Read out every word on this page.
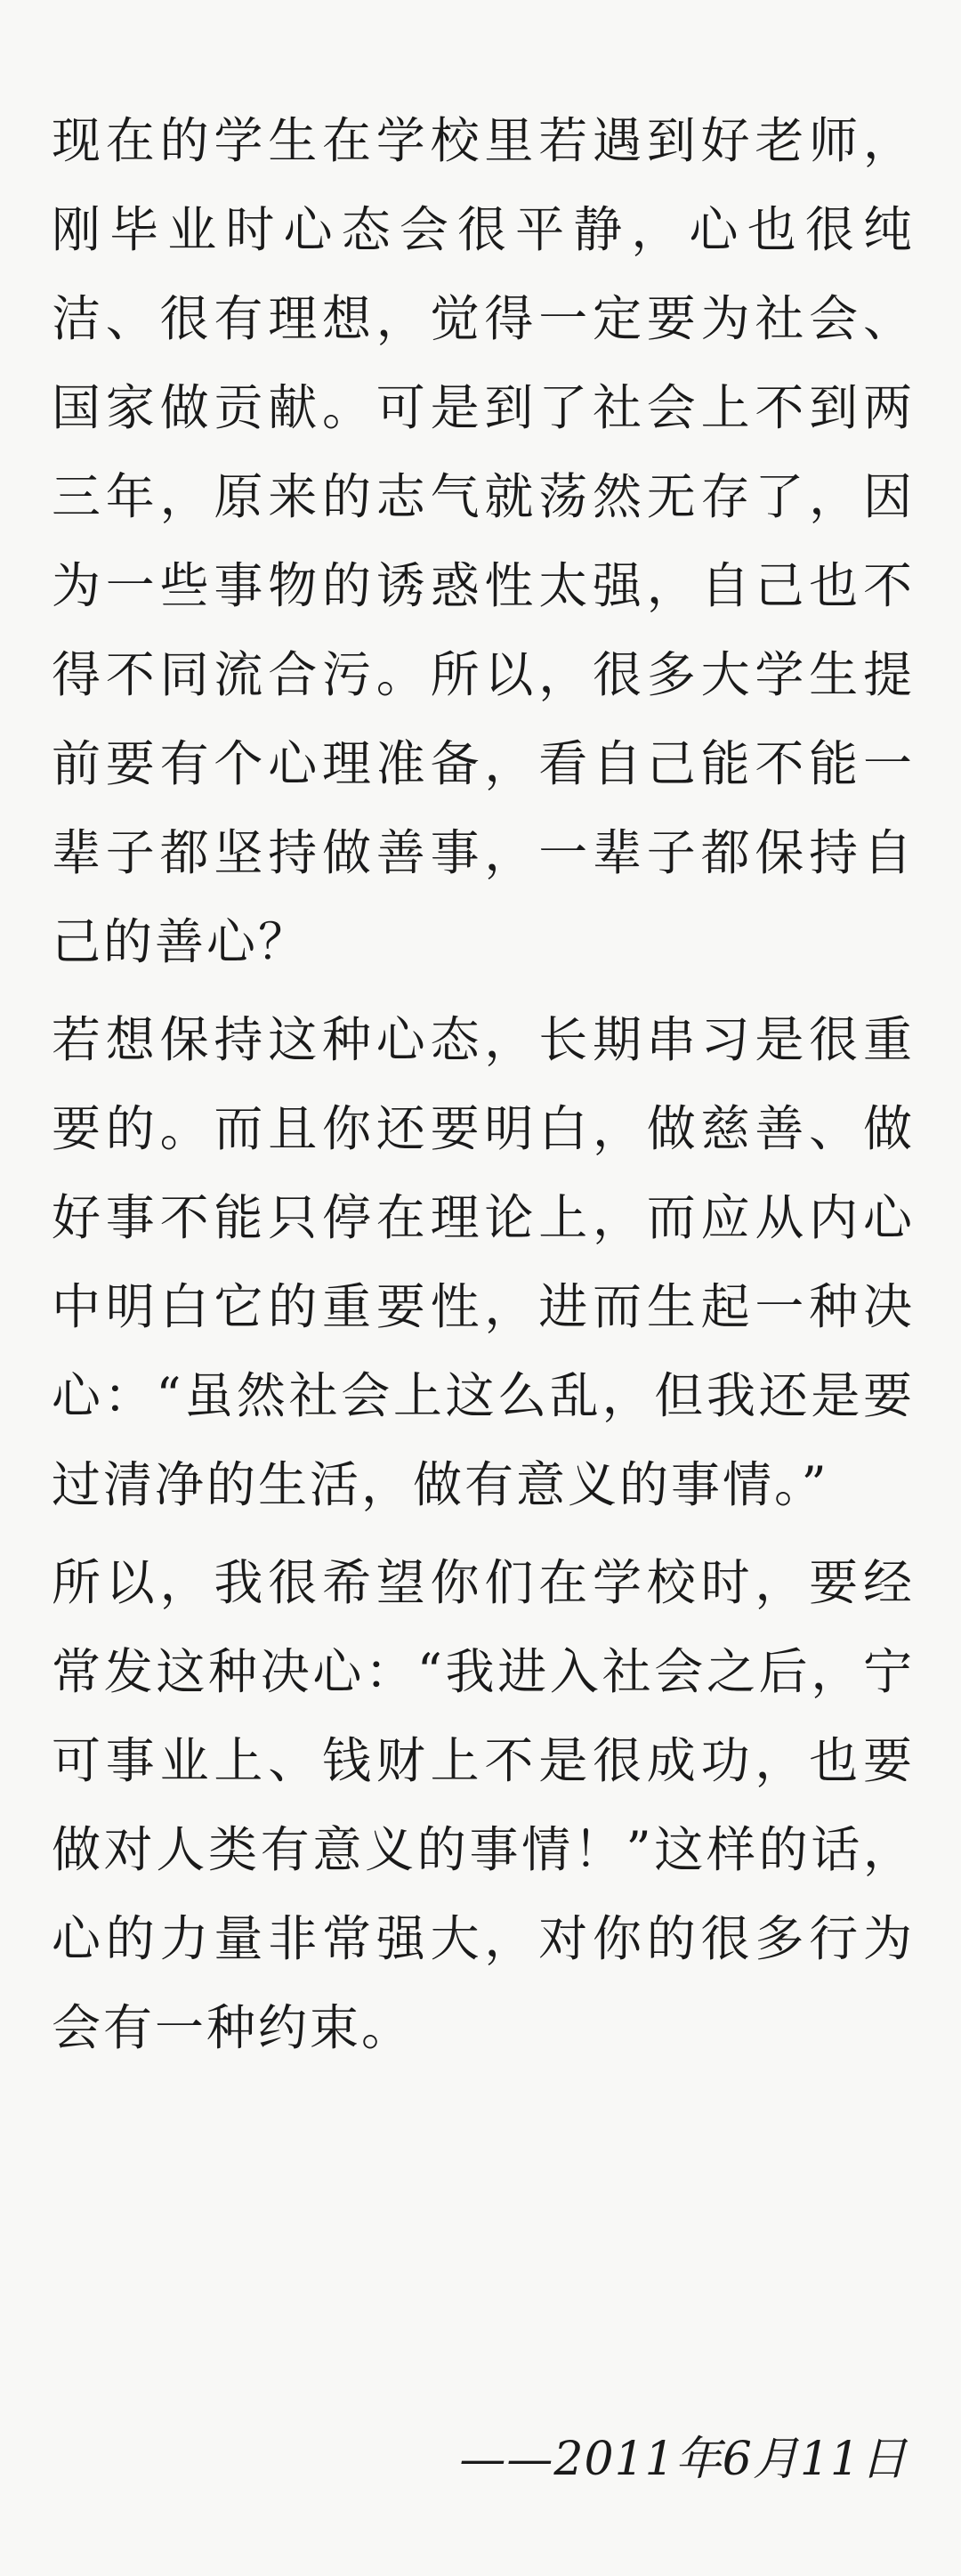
现在的学生在学校里若遇到好老师，刚毕业时心态会很平静，心也很纯洁、很有理想，觉得一定要为社会、国家做贡献。可是到了社会上不到两三年，原来的志气就荡然无存了，因为一些事物的诱惑性太强，自己也不得不同流合污。所以，很多大学生提前要有个心理准备，看自己能不能一辈子都坚持做善事，一辈子都保持自己的善心？

若想保持这种心态，长期串习是很重要的。而且你还要明白，做慈善、做好事不能只停在理论上，而应从内心中明白它的重要性，进而生起一种决心：“虽然社会上这么乱，但我还是要过清净的生活，做有意义的事情。”

所以，我很希望你们在学校时，要经常发这种决心：“我进入社会之后，宁可事业上、钱财上不是很成功，也要做对人类有意义的事情！”这样的话，心的力量非常强大，对你的很多行为会有一种约束。

——2011年6月11日
